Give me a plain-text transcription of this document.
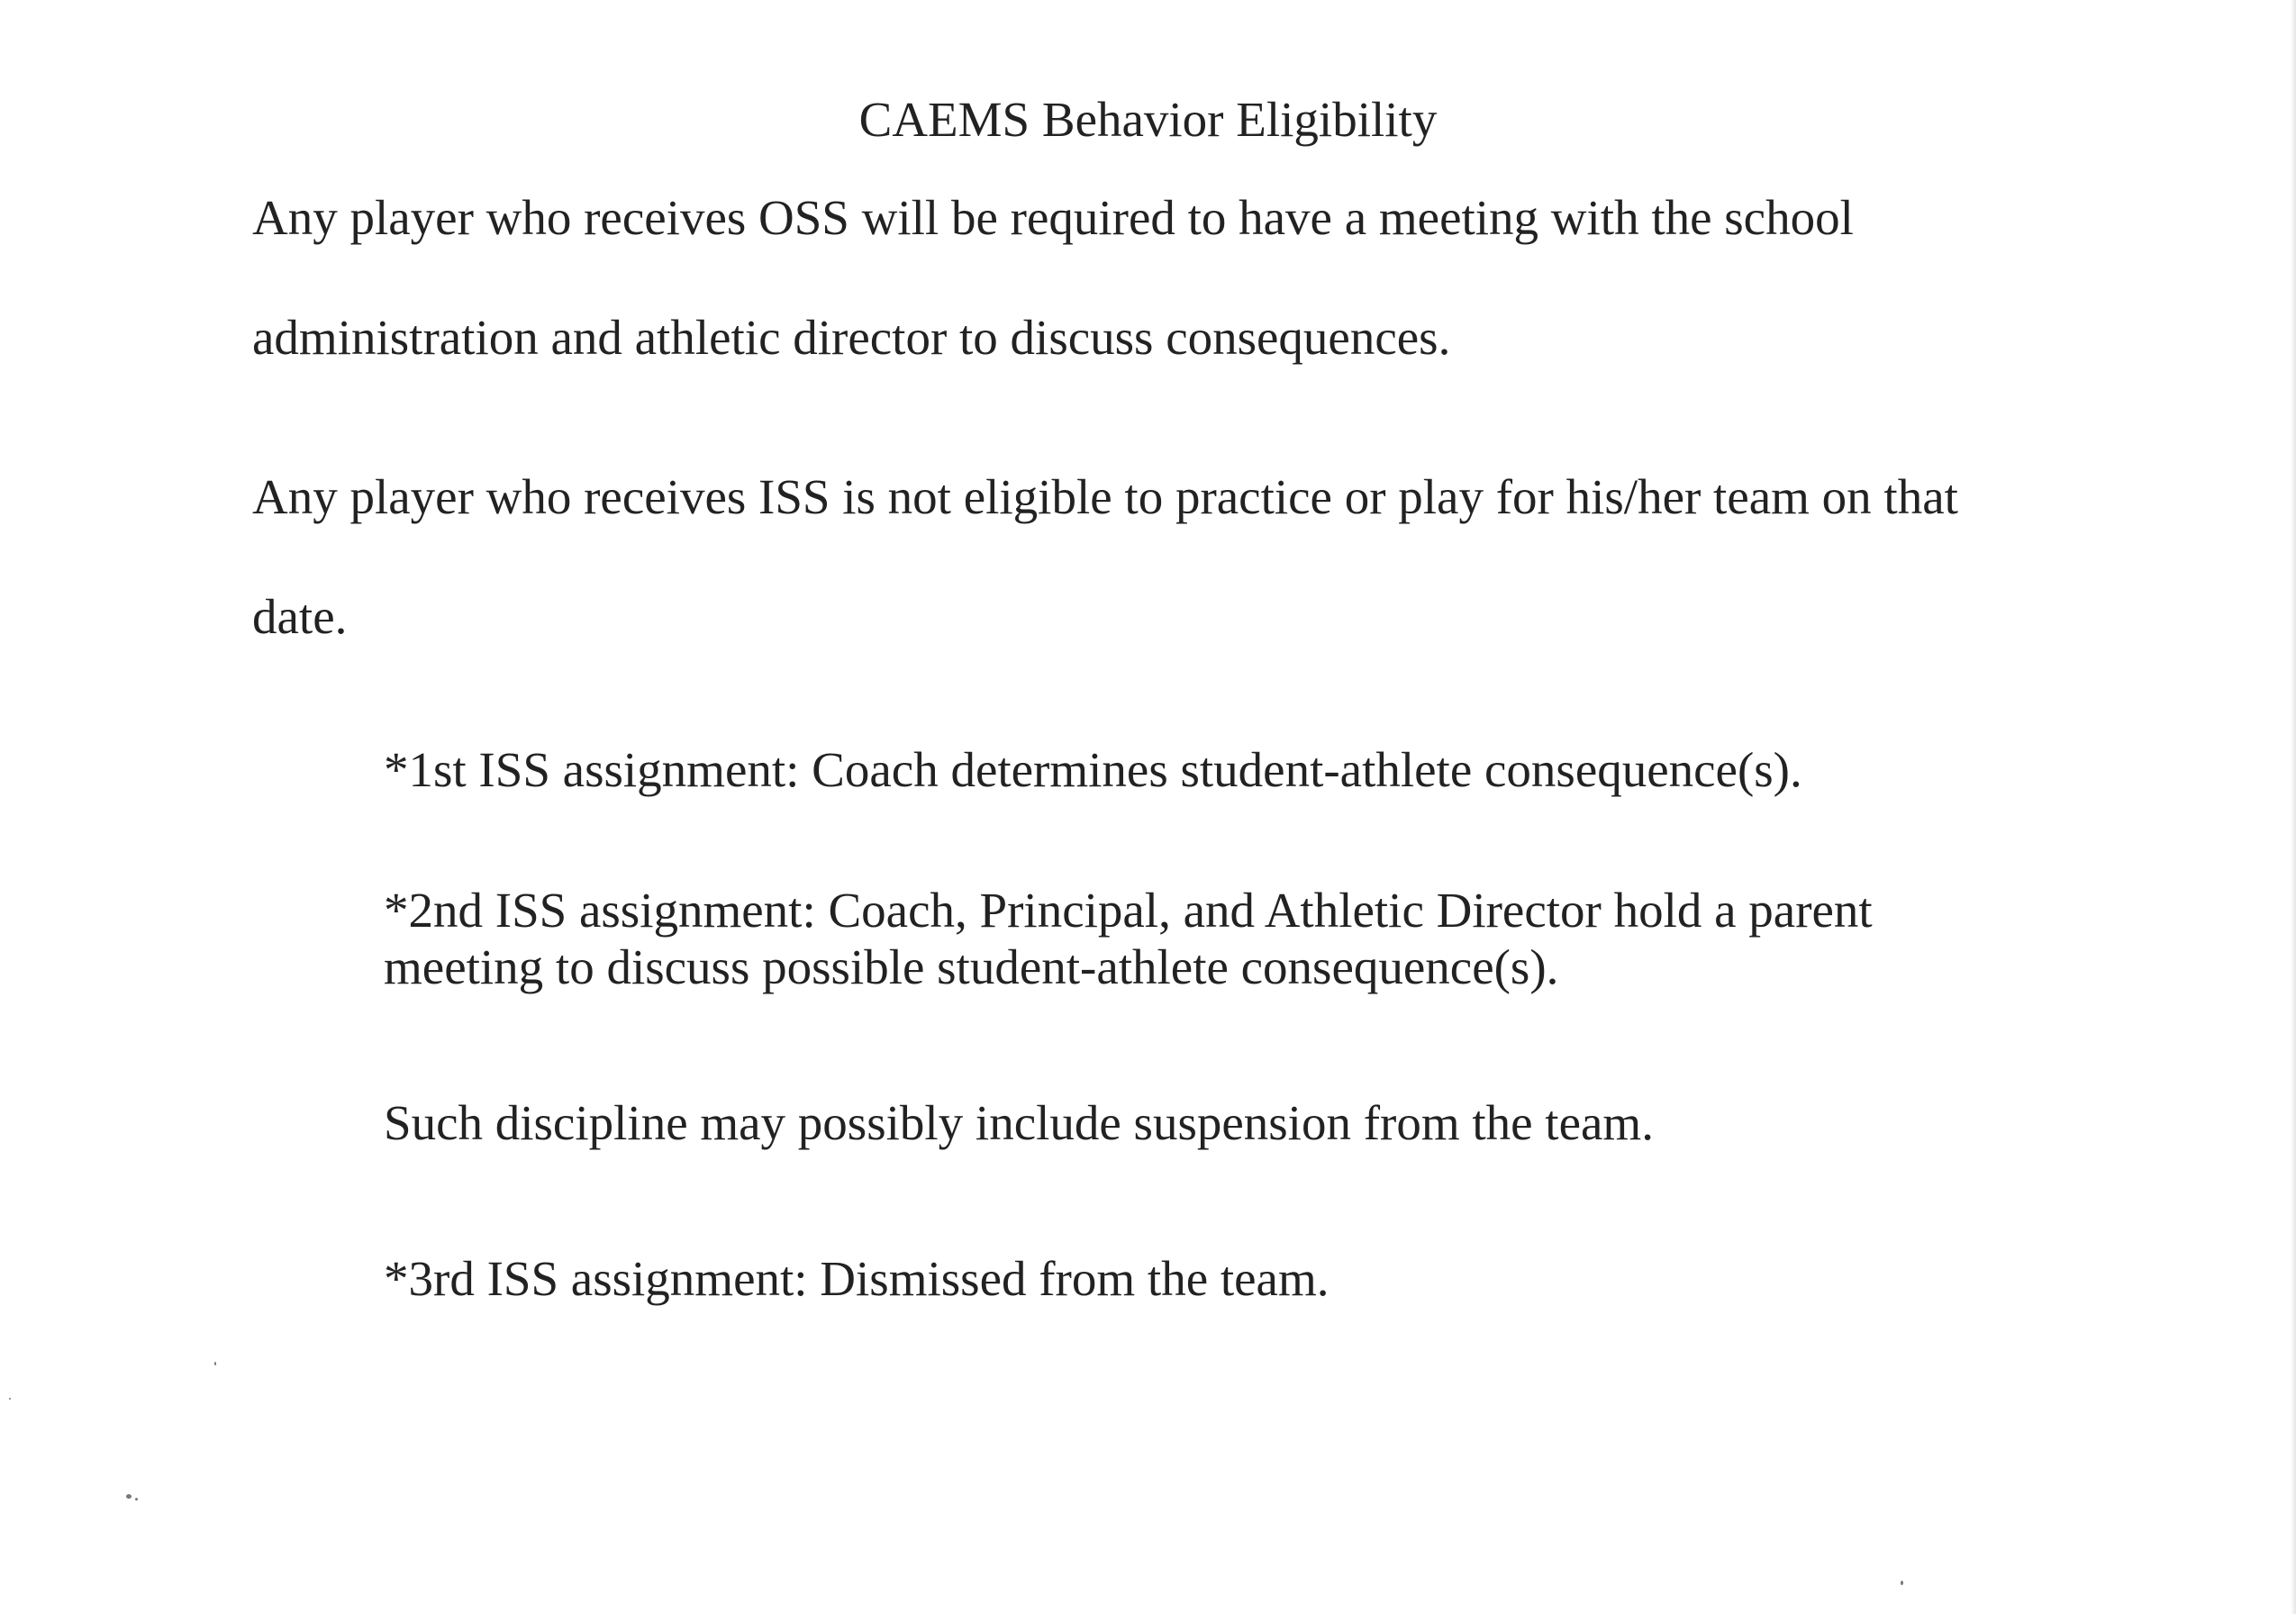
CAEMS Behavior Eligibility
Any player who receives OSS will be required to have a meeting with the school administration and athletic director to discuss consequences.
Any player who receives ISS is not eligible to practice or play for his/her team on that date.
*1st ISS assignment: Coach determines student-athlete consequence(s).
*2nd ISS assignment: Coach, Principal, and Athletic Director hold a parent meeting to discuss possible student-athlete consequence(s).
Such discipline may possibly include suspension from the team.
*3rd ISS assignment: Dismissed from the team.
